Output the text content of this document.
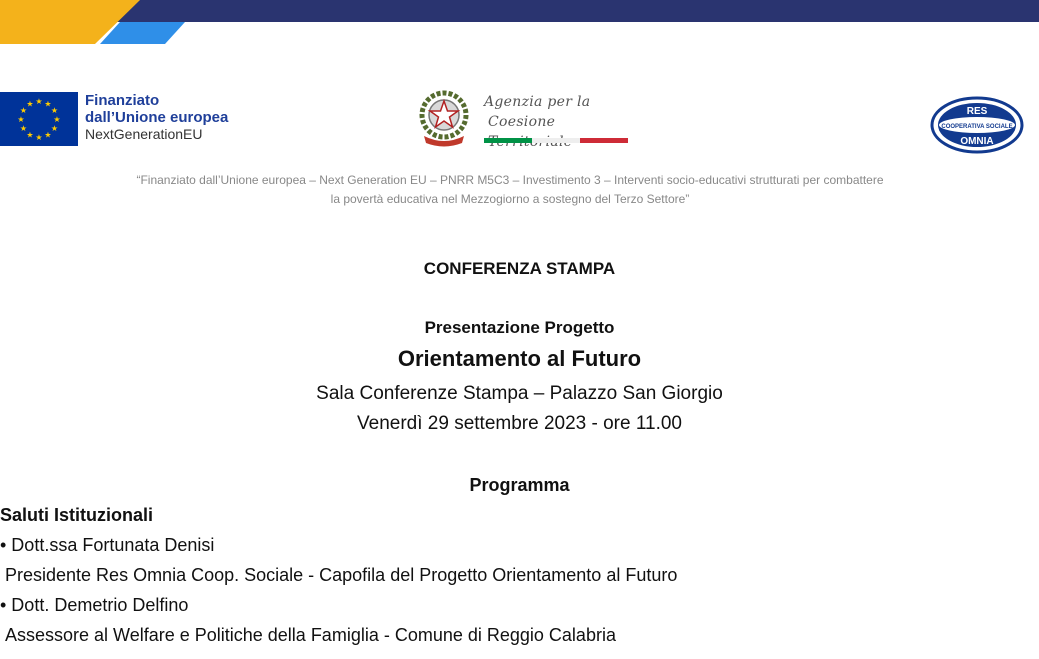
★ ★
★
★
★
★
★
★
★
★
★
★	Finanziato
dall’Unione europea
NextGenerationEU
Agenzia per la
Coesione
RES
COOPERATIVA SOCIALE
OMNIA
“Finanziato dall’Unione europea – Next Generation EU – PNRR M5C3 – Investimento 3 – Interventi socio-educativi strutturati per combattere
la povertà educativa nel Mezzogiorno a sostegno del Terzo Settore”
CONFERENZA STAMPA
Presentazione Progetto
Orientamento al Futuro
Sala Conferenze Stampa – Palazzo San Giorgio
Venerdì 29 settembre 2023 - ore 11.00
Programma
Saluti Istituzionali
• Dott.ssa Fortunata Denisi
Presidente Res Omnia Coop. Sociale - Capofila del Progetto Orientamento al Futuro
• Dott. Demetrio Delfino
Assessore al Welfare e Politiche della Famiglia - Comune di Reggio Calabria
